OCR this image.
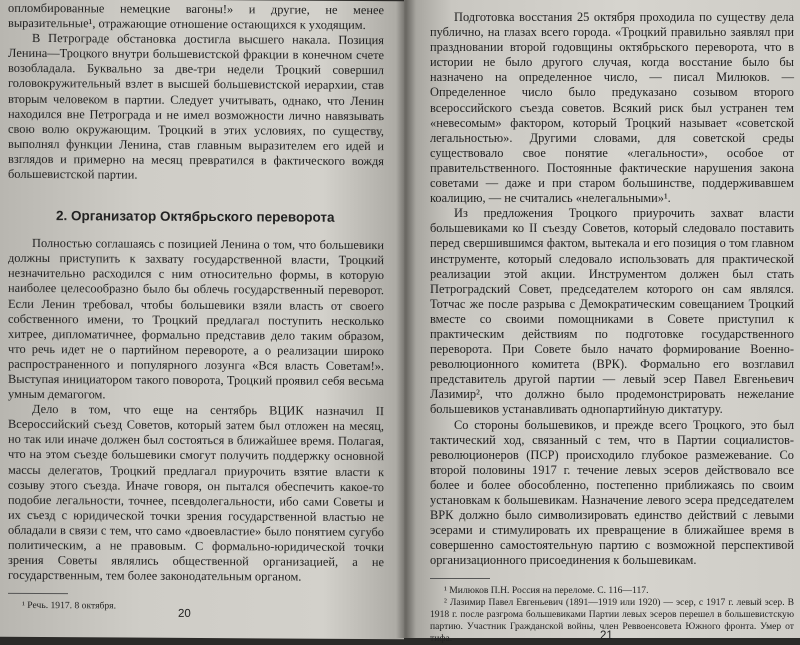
опломбированные немецкие вагоны!» и другие, не менее выразительные¹, отражающие отношение остающихся к уходящим.

В Петрограде обстановка достигла высшего накала. Позиция Ленина—Троцкого внутри большевистской фракции в конечном счете возобладала. Буквально за две-три недели Троцкий совершил головокружительный взлет в высшей большевистской иерархии, став вторым человеком в партии. Следует учитывать, однако, что Ленин находился вне Петрограда и не имел возможности лично навязывать свою волю окружающим. Троцкий в этих условиях, по существу, выполнял функции Ленина, став главным выразителем его идей и взглядов и примерно на месяц превратился в фактического вождя большевистской партии.

2. Организатор Октябрьского переворота

Полностью соглашаясь с позицией Ленина о том, что большевики должны приступить к захвату государственной власти, Троцкий незначительно расходился с ним относительно формы, в которую наиболее целесообразно было бы облечь государственный переворот. Если Ленин требовал, чтобы большевики взяли власть от своего собственного имени, то Троцкий предлагал поступить несколько хитрее, дипломатичнее, формально представив дело таким образом, что речь идет не о партийном перевороте, а о реализации широко распространенного и популярного лозунга «Вся власть Советам!». Выступая инициатором такого поворота, Троцкий проявил себя весьма умным демагогом.

Дело в том, что еще на сентябрь ВЦИК назначил II Всероссийский съезд Советов, который затем был отложен на месяц, но так или иначе должен был состояться в ближайшее время. Полагая, что на этом съезде большевики смогут получить поддержку основной массы делегатов, Троцкий предлагал приурочить взятие власти к созыву этого съезда. Иначе говоря, он пытался обеспечить какое-то подобие легальности, точнее, псевдолегальности, ибо сами Советы и их съезд с юридической точки зрения государственной властью не обладали в связи с тем, что само «двоевластие» было понятием сугубо политическим, а не правовым. С формально-юридической точки зрения Советы являлись общественной организацией, а не государственным, тем более законодательным органом.

¹ Речь. 1917. 8 октября.
20

Подготовка восстания 25 октября проходила по существу дела публично, на глазах всего города. «Троцкий правильно заявлял при праздновании второй годовщины октябрьского переворота, что в истории не было другого случая, когда восстание было бы назначено на определенное число, — писал Милюков. — Определенное число было предуказано созывом второго всероссийского съезда советов. Всякий риск был устранен тем «невесомым» фактором, который Троцкий называет «советской легальностью». Другими словами, для советской среды существовало свое понятие «легальности», особое от правительственного. Постоянные фактические нарушения закона советами — даже и при старом большинстве, поддерживавшем коалицию, — не считались «нелегальными»¹.

Из предложения Троцкого приурочить захват власти большевиками ко II съезду Советов, который следовало поставить перед свершившимся фактом, вытекала и его позиция о том главном инструменте, который следовало использовать для практической реализации этой акции. Инструментом должен был стать Петроградский Совет, председателем которого он сам являлся. Тотчас же после разрыва с Демократическим совещанием Троцкий вместе со своими помощниками в Совете приступил к практическим действиям по подготовке государственного переворота. При Совете было начато формирование Военно-революционного комитета (ВРК). Формально его возглавил представитель другой партии — левый эсер Павел Евгеньевич Лазимир², что должно было продемонстрировать нежелание большевиков устанавливать однопартийную диктатуру.

Со стороны большевиков, и прежде всего Троцкого, это был тактический ход, связанный с тем, что в Партии социалистов-революционеров (ПСР) происходило глубокое размежевание. Со второй половины 1917 г. течение левых эсеров действовало все более и более обособленно, постепенно приближаясь по своим установкам к большевикам. Назначение левого эсера председателем ВРК должно было символизировать единство действий с левыми эсерами и стимулировать их превращение в ближайшее время в совершенно самостоятельную партию с возможной перспективой организационного присоединения к большевикам.

¹ Милюков П.Н. Россия на переломе. С. 116—117.
² Лазимир Павел Евгеньевич (1891—1919 или 1920) — эсер, с 1917 г. левый эсер. В 1918 г. после разгрома большевиками Партии левых эсеров перешел в большевистскую партию. Участник Гражданской войны, член Реввоенсовета Южного фронта. Умер от тифа.	21
